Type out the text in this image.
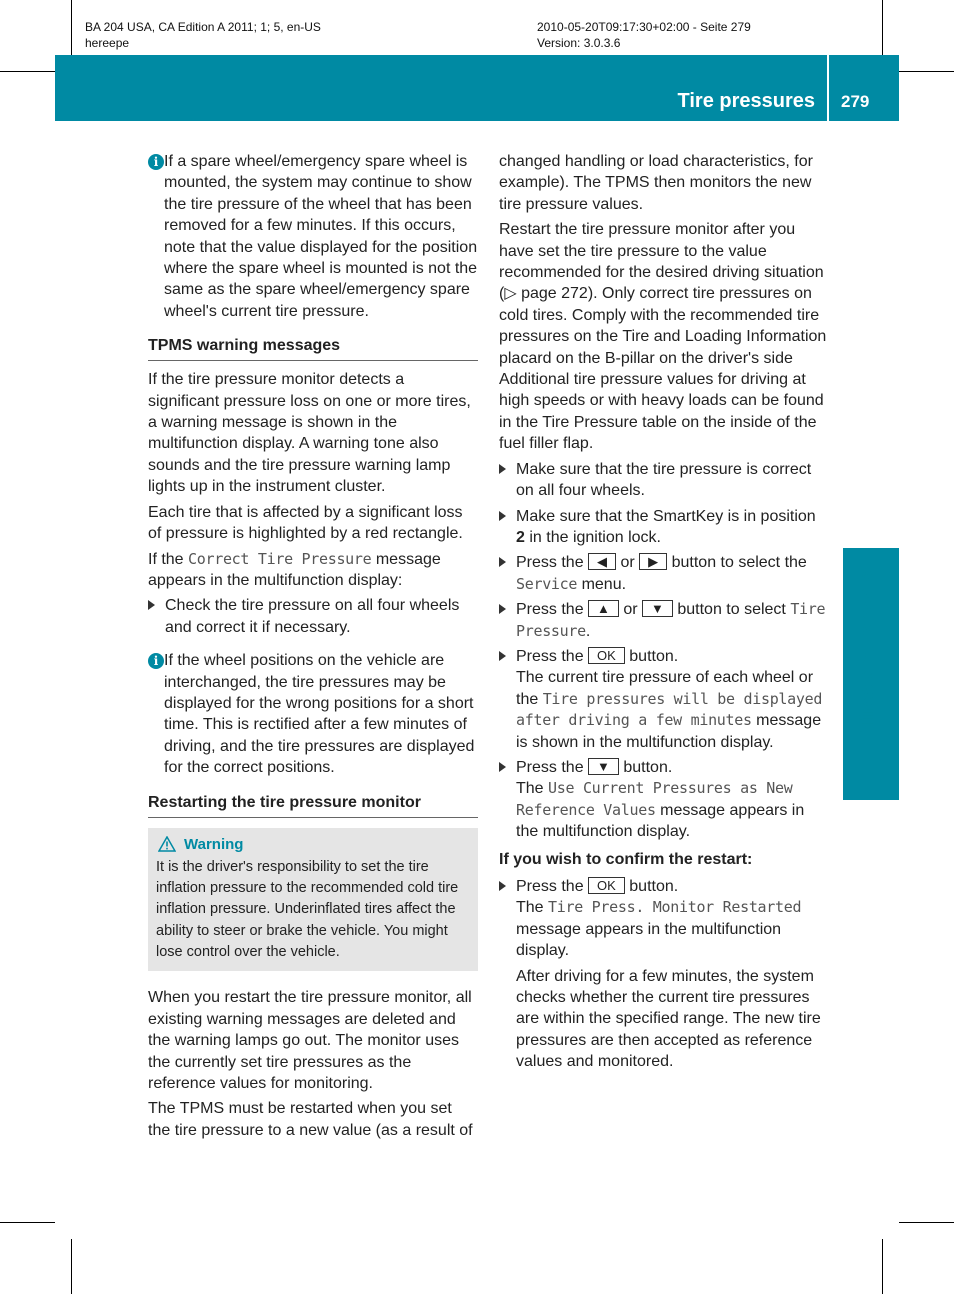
BA 204 USA, CA Edition A 2011; 1; 5, en-US
hereepe
2010-05-20T09:17:30+02:00 - Seite 279
Version: 3.0.3.6
Tire pressures 279
Tires and wheels
i If a spare wheel/emergency spare wheel is mounted, the system may continue to show the tire pressure of the wheel that has been removed for a few minutes. If this occurs, note that the value displayed for the position where the spare wheel is mounted is not the same as the spare wheel/emergency spare wheel's current tire pressure.

TPMS warning messages

If the tire pressure monitor detects a significant pressure loss on one or more tires, a warning message is shown in the multifunction display. A warning tone also sounds and the tire pressure warning lamp lights up in the instrument cluster.

Each tire that is affected by a significant loss of pressure is highlighted by a red rectangle.

If the Correct Tire Pressure message appears in the multifunction display:

Check the tire pressure on all four wheels and correct it if necessary.
i If the wheel positions on the vehicle are interchanged, the tire pressures may be displayed for the wrong positions for a short time. This is rectified after a few minutes of driving, and the tire pressures are displayed for the correct positions.

Restarting the tire pressure monitor
Warning
It is the driver's responsibility to set the tire inflation pressure to the recommended cold tire inflation pressure. Underinflated tires affect the ability to steer or brake the vehicle. You might lose control over the vehicle.

When you restart the tire pressure monitor, all existing warning messages are deleted and the warning lamps go out. The monitor uses the currently set tire pressures as the reference values for monitoring.

The TPMS must be restarted when you set the tire pressure to a new value (as a result of

changed handling or load characteristics, for example). The TPMS then monitors the new tire pressure values.

Restart the tire pressure monitor after you have set the tire pressure to the value recommended for the desired driving situation (▷ page 272). Only correct tire pressures on cold tires. Comply with the recommended tire pressures on the Tire and Loading Information placard on the B-pillar on the driver's side Additional tire pressure values for driving at high speeds or with heavy loads can be found in the Tire Pressure table on the inside of the fuel filler flap.

Make sure that the tire pressure is correct on all four wheels.
Make sure that the SmartKey is in position 2 in the ignition lock.
Press the ◀ or ▶ button to select the Service menu.
Press the ▲ or ▼ button to select Tire Pressure.
Press the OK button.
The current tire pressure of each wheel or the Tire pressures will be displayed after driving a few minutes message is shown in the multifunction display.
Press the ▼ button.
The Use Current Pressures as New Reference Values message appears in the multifunction display.
If you wish to confirm the restart:
Press the OK button.
The Tire Press. Monitor Restarted message appears in the multifunction display.

After driving for a few minutes, the system checks whether the current tire pressures are within the specified range. The new tire pressures are then accepted as reference values and monitored.
